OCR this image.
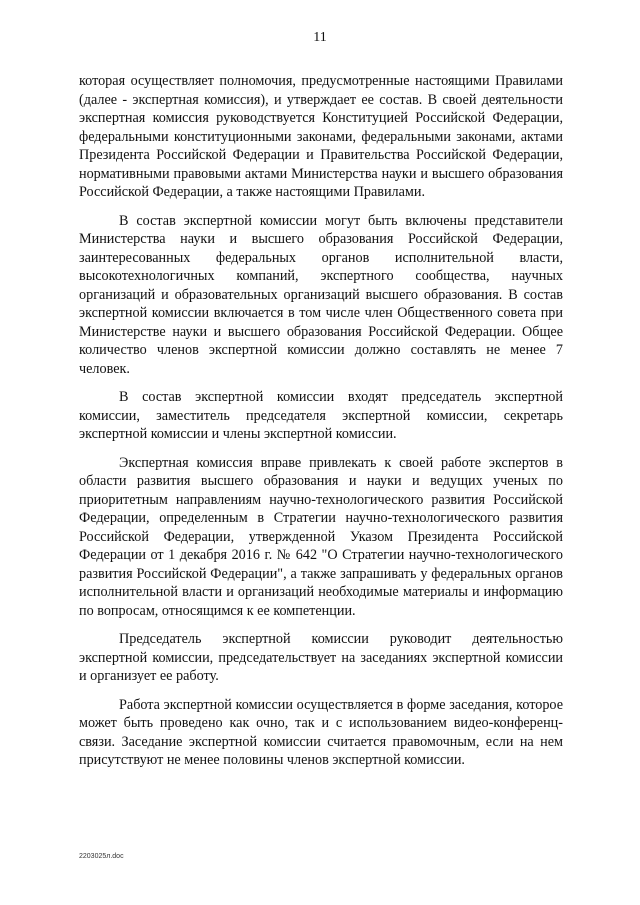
11

которая осуществляет полномочия, предусмотренные настоящими Правилами (далее - экспертная комиссия), и утверждает ее состав. В своей деятельности экспертная комиссия руководствуется Конституцией Российской Федерации, федеральными конституционными законами, федеральными законами, актами Президента Российской Федерации и Правительства Российской Федерации, нормативными правовыми актами Министерства науки и высшего образования Российской Федерации, а также настоящими Правилами.

В состав экспертной комиссии могут быть включены представители Министерства науки и высшего образования Российской Федерации, заинтересованных федеральных органов исполнительной власти, высокотехнологичных компаний, экспертного сообщества, научных организаций и образовательных организаций высшего образования. В состав экспертной комиссии включается в том числе член Общественного совета при Министерстве науки и высшего образования Российской Федерации. Общее количество членов экспертной комиссии должно составлять не менее 7 человек.

В состав экспертной комиссии входят председатель экспертной комиссии, заместитель председателя экспертной комиссии, секретарь экспертной комиссии и члены экспертной комиссии.

Экспертная комиссия вправе привлекать к своей работе экспертов в области развития высшего образования и науки и ведущих ученых по приоритетным направлениям научно-технологического развития Российской Федерации, определенным в Стратегии научно-технологического развития Российской Федерации, утвержденной Указом Президента Российской Федерации от 1 декабря 2016 г. № 642 "О Стратегии научно-технологического развития Российской Федерации", а также запрашивать у федеральных органов исполнительной власти и организаций необходимые материалы и информацию по вопросам, относящимся к ее компетенции.

Председатель экспертной комиссии руководит деятельностью экспертной комиссии, председательствует на заседаниях экспертной комиссии и организует ее работу.

Работа экспертной комиссии осуществляется в форме заседания, которое может быть проведено как очно, так и с использованием видео-конференц-связи. Заседание экспертной комиссии считается правомочным, если на нем присутствуют не менее половины членов экспертной комиссии.

2203025л.doc
